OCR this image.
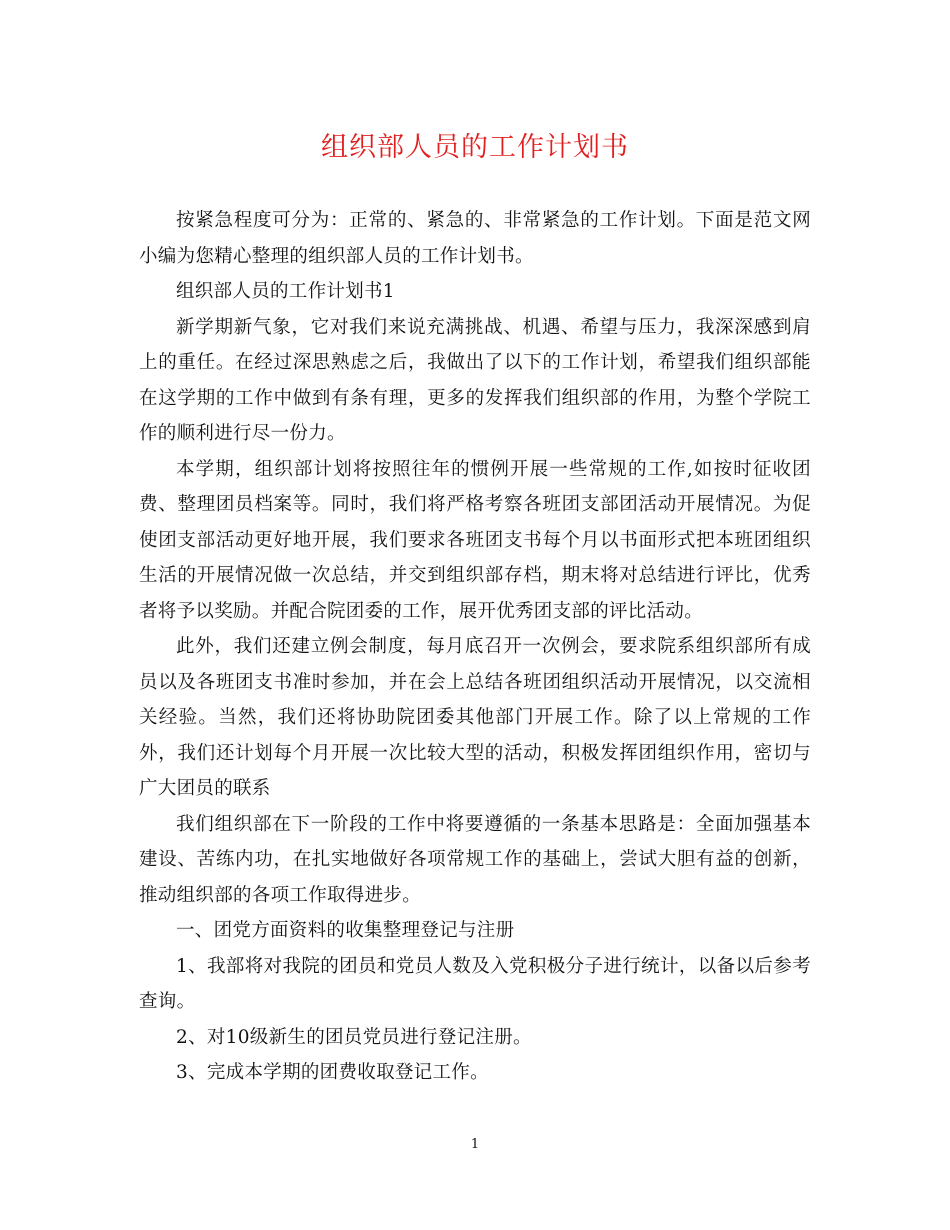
组织部人员的工作计划书

按紧急程度可分为：正常的、紧急的、非常紧急的工作计划。下面是范文网小编为您精心整理的组织部人员的工作计划书。

组织部人员的工作计划书1

新学期新气象，它对我们来说充满挑战、机遇、希望与压力，我深深感到肩上的重任。在经过深思熟虑之后，我做出了以下的工作计划，希望我们组织部能在这学期的工作中做到有条有理，更多的发挥我们组织部的作用，为整个学院工作的顺利进行尽一份力。

本学期，组织部计划将按照往年的惯例开展一些常规的工作,如按时征收团费、整理团员档案等。同时，我们将严格考察各班团支部团活动开展情况。为促使团支部活动更好地开展，我们要求各班团支书每个月以书面形式把本班团组织生活的开展情况做一次总结，并交到组织部存档，期末将对总结进行评比，优秀者将予以奖励。并配合院团委的工作，展开优秀团支部的评比活动。

此外，我们还建立例会制度，每月底召开一次例会，要求院系组织部所有成员以及各班团支书准时参加，并在会上总结各班团组织活动开展情况，以交流相关经验。当然，我们还将协助院团委其他部门开展工作。除了以上常规的工作外，我们还计划每个月开展一次比较大型的活动，积极发挥团组织作用，密切与广大团员的联系

我们组织部在下一阶段的工作中将要遵循的一条基本思路是：全面加强基本建设、苦练内功，在扎实地做好各项常规工作的基础上，尝试大胆有益的创新，推动组织部的各项工作取得进步。

一、团党方面资料的收集整理登记与注册

1、我部将对我院的团员和党员人数及入党积极分子进行统计，以备以后参考查询。

2、对10级新生的团员党员进行登记注册。

3、完成本学期的团费收取登记工作。

1
